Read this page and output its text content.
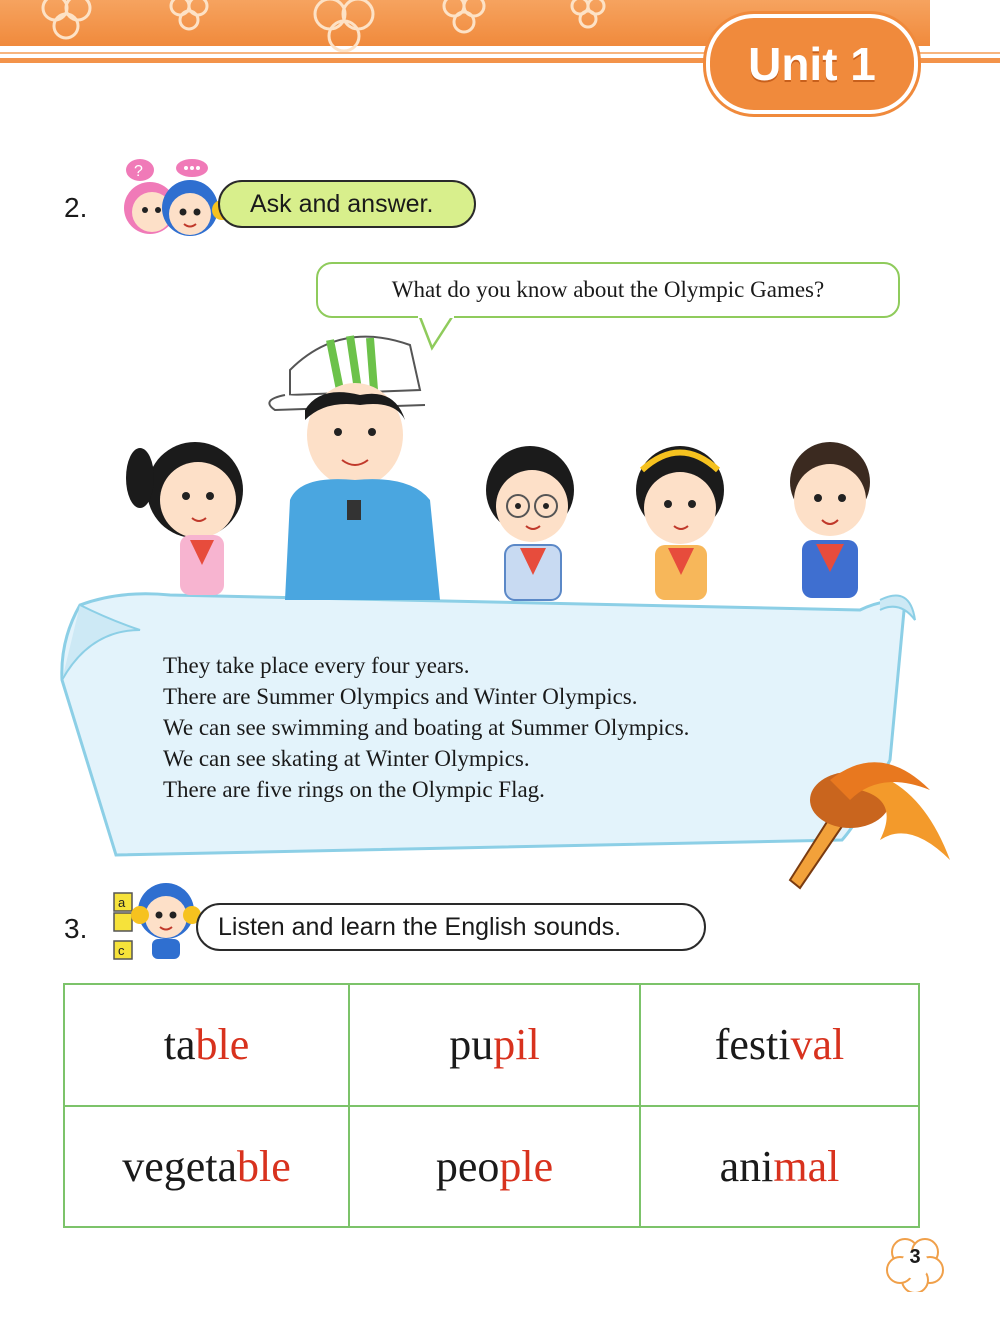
Unit 1
2.
?
Ask and answer.
What do you know about the Olympic Games?
They take place every four years.
There are Summer Olympics and Winter Olympics.
We can see swimming and boating at Summer Olympics.
We can see skating at Winter Olympics.
There are five rings on the Olympic Flag.
3.
a
c
Listen and learn the English sounds.
table	pupil	festival
vegetable	people	animal
3
